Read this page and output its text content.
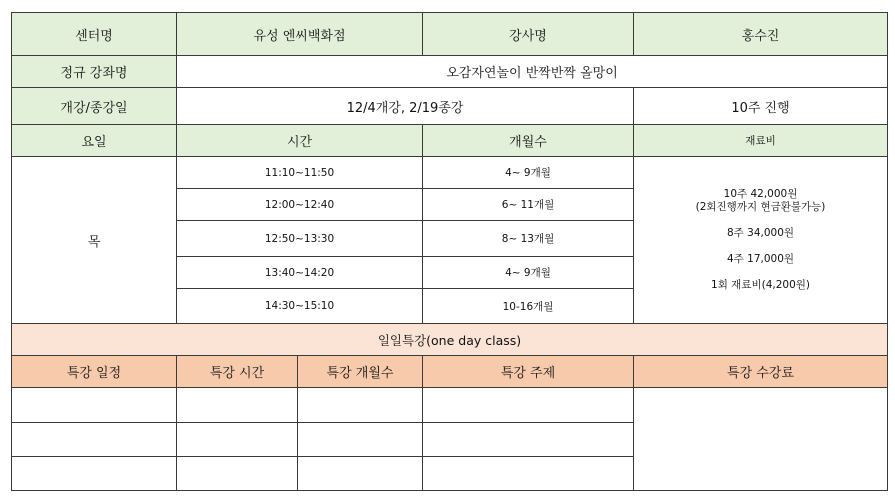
센터명	유성 엔씨백화점		강사명	홍수진
정규 강좌명	오감자연놀이 반짝반짝 올망이			
개강/종강일	12/4개강, 2/19종강			10주 진행
요일	시간		개월수	재료비
목	11:10~11:50		4~ 9개월	10주 42,000원
(2회진행까지 현금환불가능)
8주 34,000원
4주 17,000원
1회 재료비(4,200원)

	12:00~12:40		6~ 11개월	
	12:50~13:30		8~ 13개월	
	13:40~14:20		4~ 9개월	
	14:30~15:10		10-16개월	
일일특강(one day class)				
특강 일정	특강 시간	특강 개월수	특강 주제	특강 수강료
